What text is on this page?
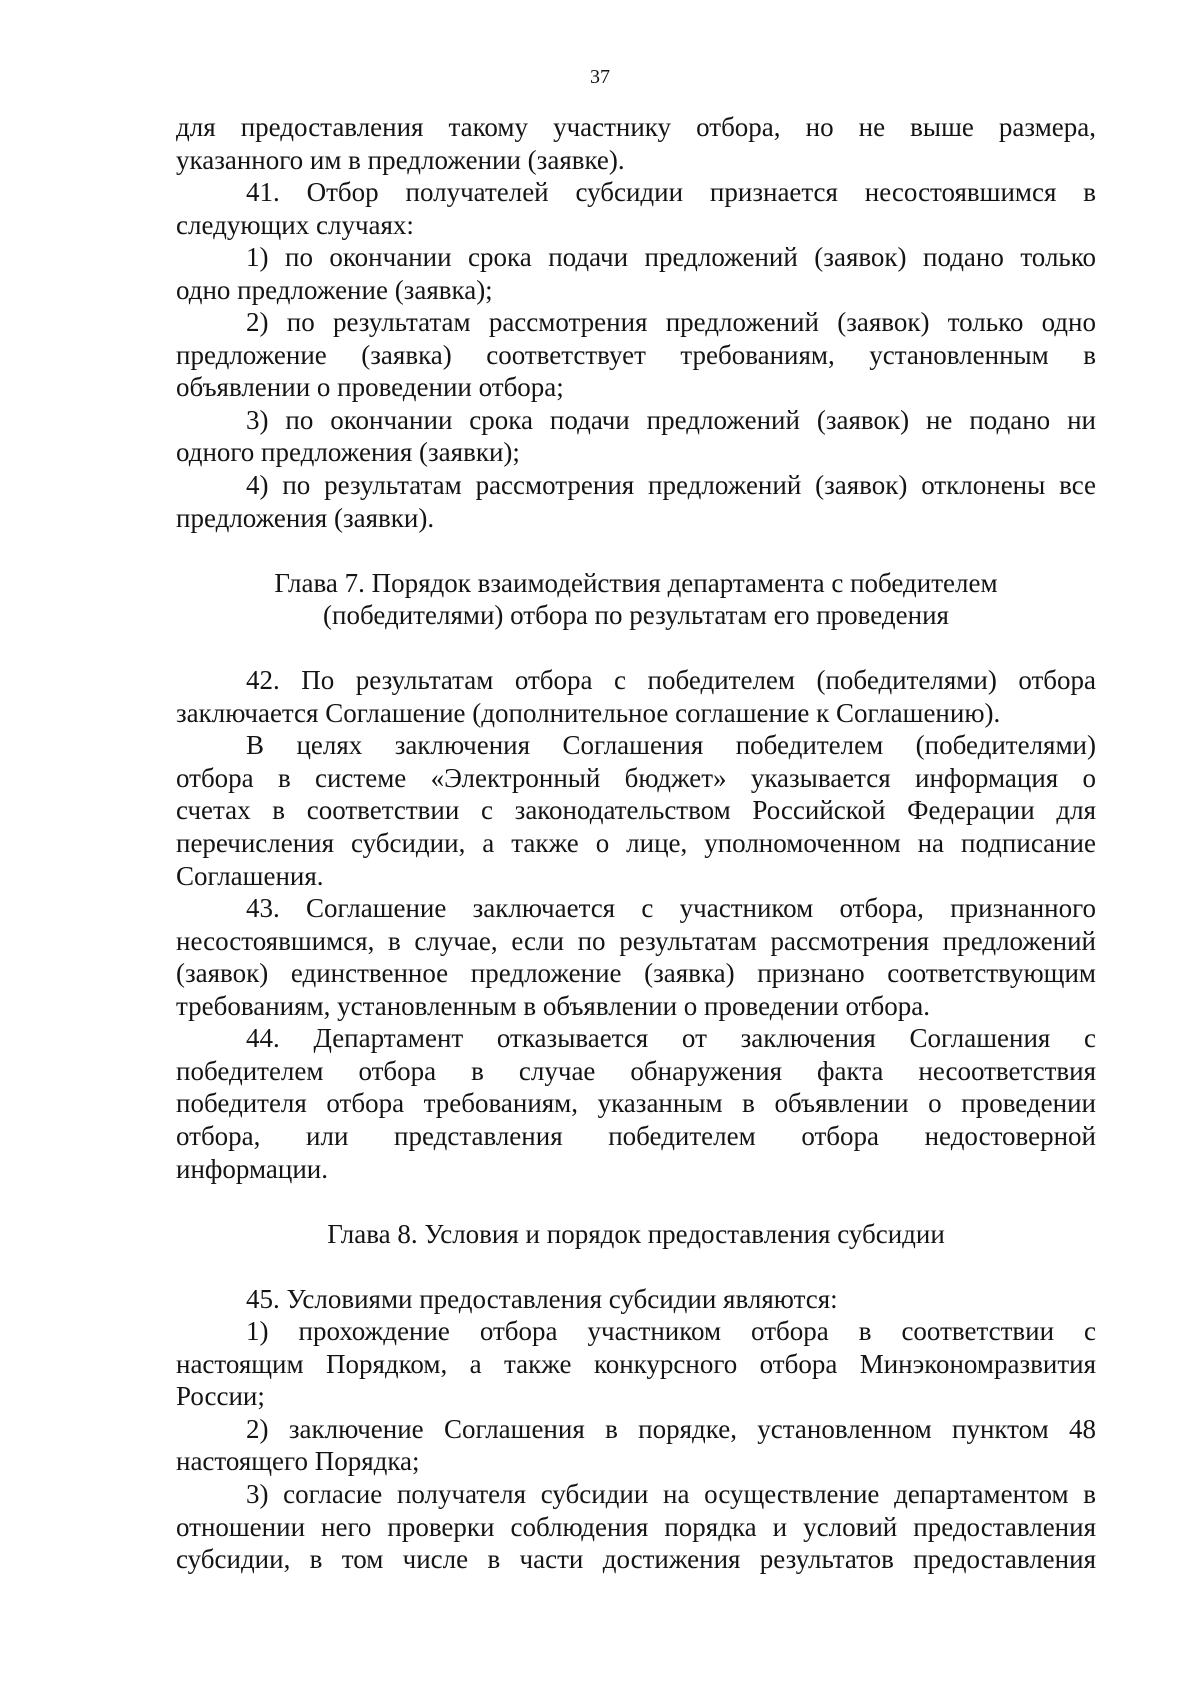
37
для предоставления такому участнику отбора, но не выше размера,
указанного им в предложении (заявке).
41. Отбор получателей субсидии признается несостоявшимся в
следующих случаях:
1) по окончании срока подачи предложений (заявок) подано только
одно предложение (заявка);
2) по результатам рассмотрения предложений (заявок) только одно
предложение (заявка) соответствует требованиям, установленным в
объявлении о проведении отбора;
3) по окончании срока подачи предложений (заявок) не подано ни
одного предложения (заявки);
4) по результатам рассмотрения предложений (заявок) отклонены все
предложения (заявки).
Глава 7. Порядок взаимодействия департамента с победителем
(победителями) отбора по результатам его проведения
42. По результатам отбора с победителем (победителями) отбора
заключается Соглашение (дополнительное соглашение к Соглашению).
В целях заключения Соглашения победителем (победителями)
отбора в системе «Электронный бюджет» указывается информация о
счетах в соответствии с законодательством Российской Федерации для
перечисления субсидии, а также о лице, уполномоченном на подписание
Соглашения.
43. Соглашение заключается с участником отбора, признанного
несостоявшимся, в случае, если по результатам рассмотрения предложений
(заявок) единственное предложение (заявка) признано соответствующим
требованиям, установленным в объявлении о проведении отбора.
44. Департамент отказывается от заключения Соглашения с
победителем отбора в случае обнаружения факта несоответствия
победителя отбора требованиям, указанным в объявлении о проведении
отбора, или представления победителем отбора недостоверной
информации.
Глава 8. Условия и порядок предоставления субсидии
45. Условиями предоставления субсидии являются:
1) прохождение отбора участником отбора в соответствии с
настоящим Порядком, а также конкурсного отбора Минэкономразвития
России;
2) заключение Соглашения в порядке, установленном пунктом 48
настоящего Порядка;
3) согласие получателя субсидии на осуществление департаментом в
отношении него проверки соблюдения порядка и условий предоставления
субсидии, в том числе в части достижения результатов предоставления
